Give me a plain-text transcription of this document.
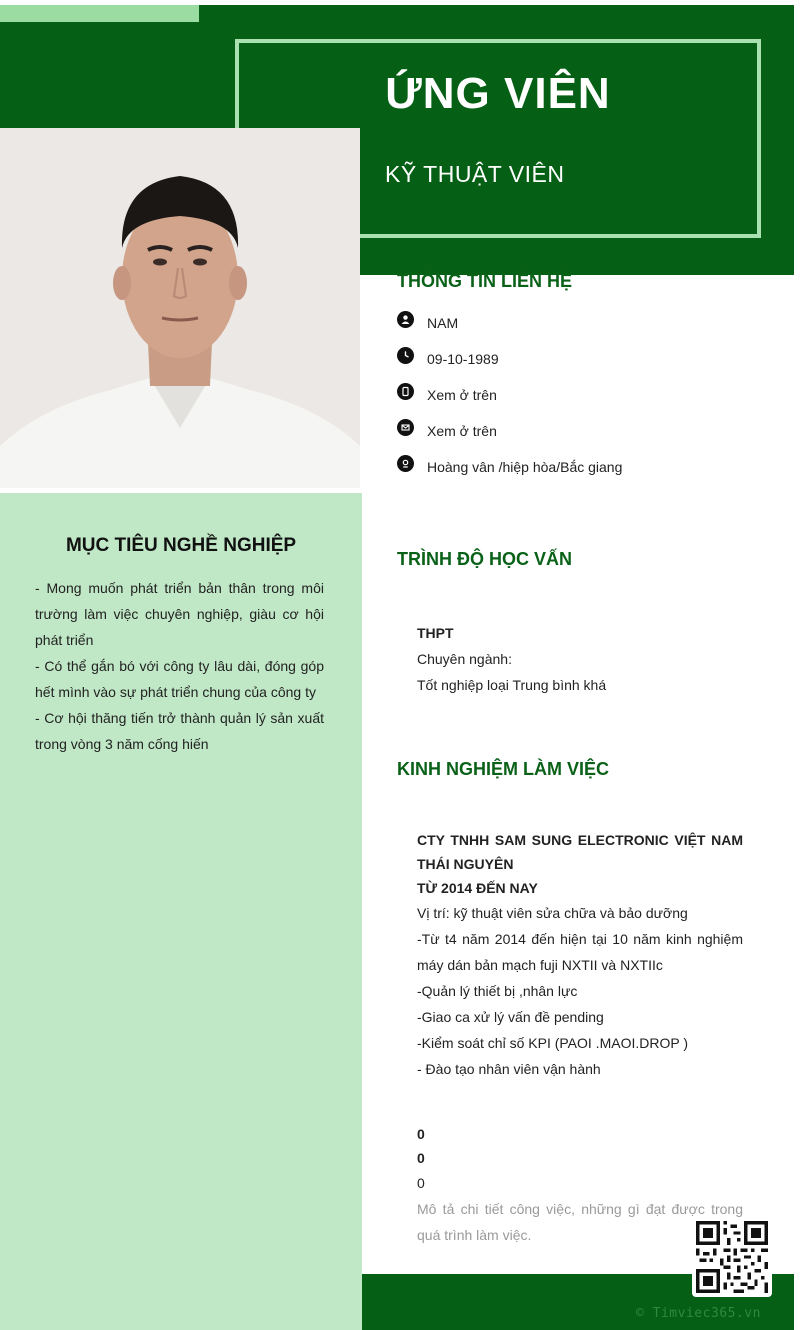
ỨNG VIÊN
KỸ THUẬT VIÊN
MỤC TIÊU NGHỀ NGHIỆP

- Mong muốn phát triển bản thân trong môi trường làm việc chuyên nghiệp, giàu cơ hội phát triển

- Có thể gắn bó với công ty lâu dài, đóng góp hết mình vào sự phát triển chung của công ty

- Cơ hội thăng tiến trở thành quản lý sản xuất trong vòng 3 năm cống hiến

THÔNG TIN LIÊN HỆ
NAM
09-10-1989
Xem ở trên
Xem ở trên
Hoàng vân /hiệp hòa/Bắc giang
TRÌNH ĐỘ HỌC VẤN
THPT
Chuyên ngành:
Tốt nghiệp loại Trung bình khá
KINH NGHIỆM LÀM VIỆC
CTY TNHH SAM SUNG ELECTRONIC VIỆT NAM THÁI NGUYÊN
TỪ 2014 ĐẾN NAY
Vị trí: kỹ thuật viên sửa chữa và bảo dưỡng
-Từ t4 năm 2014 đến hiện tại 10 năm kinh nghiệm máy dán bản mạch fuji NXTII và NXTIIc
-Quản lý thiết bị ,nhân lực
-Giao ca xử lý vấn đề pending
-Kiểm soát chỉ số KPI (PAOI .MAOI.DROP )
- Đào tạo nhân viên vận hành
0
0
0
Mô tả chi tiết công việc, những gì đạt được trong quá trình làm việc.
© Timviec365.vn
